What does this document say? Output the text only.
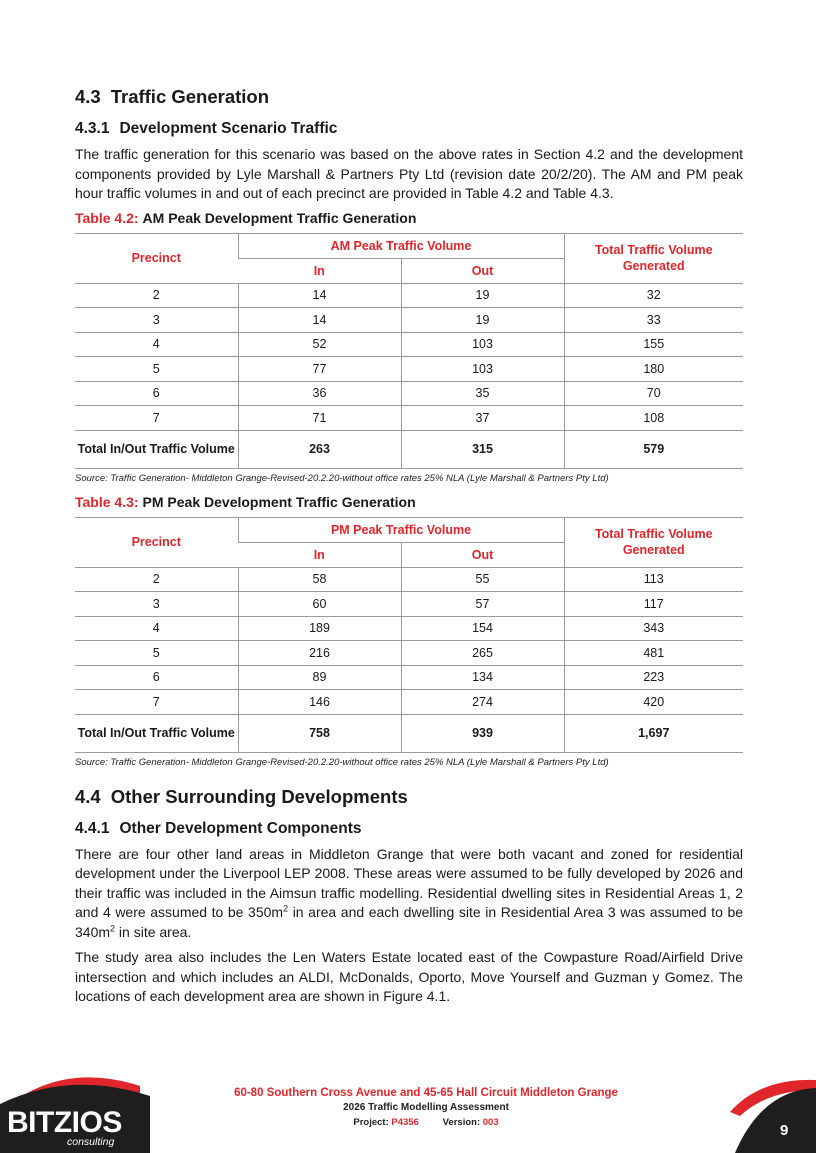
4.3 Traffic Generation
4.3.1 Development Scenario Traffic

The traffic generation for this scenario was based on the above rates in Section 4.2 and the development components provided by Lyle Marshall & Partners Pty Ltd (revision date 20/2/20). The AM and PM peak hour traffic volumes in and out of each precinct are provided in Table 4.2 and Table 4.3.

Table 4.2: AM Peak Development Traffic Generation
Precinct	AM Peak Traffic Volume		Total Traffic Volume Generated
	In	Out	
2	14	19	32
3	14	19	33
4	52	103	155
5	77	103	180
6	36	35	70
7	71	37	108
Total In/Out Traffic Volume	263	315	579
Source: Traffic Generation- Middleton Grange-Revised-20.2.20-without office rates 25% NLA (Lyle Marshall & Partners Pty Ltd)
Table 4.3: PM Peak Development Traffic Generation
Precinct	PM Peak Traffic Volume		Total Traffic Volume Generated
	In	Out	
2	58	55	113
3	60	57	117
4	189	154	343
5	216	265	481
6	89	134	223
7	146	274	420
Total In/Out Traffic Volume	758	939	1,697
Source: Traffic Generation- Middleton Grange-Revised-20.2.20-without office rates 25% NLA (Lyle Marshall & Partners Pty Ltd)
4.4 Other Surrounding Developments
4.4.1 Other Development Components

There are four other land areas in Middleton Grange that were both vacant and zoned for residential development under the Liverpool LEP 2008. These areas were assumed to be fully developed by 2026 and their traffic was included in the Aimsun traffic modelling. Residential dwelling sites in Residential Areas 1, 2 and 4 were assumed to be $350m^2$ in area and each dwelling site in Residential Area 3 was assumed to be $340m^2$ in site area.

The study area also includes the Len Waters Estate located east of the Cowpasture Road/Airfield Drive intersection and which includes an ALDI, McDonalds, Oporto, Move Yourself and Guzman y Gomez. The locations of each development area are shown in Figure 4.1.

60-80 Southern Cross Avenue and 45-65 Hall Circuit Middleton Grange
2026 Traffic Modelling Assessment
Project: P4356	Version: 003
BITZIOS
consulting
9
